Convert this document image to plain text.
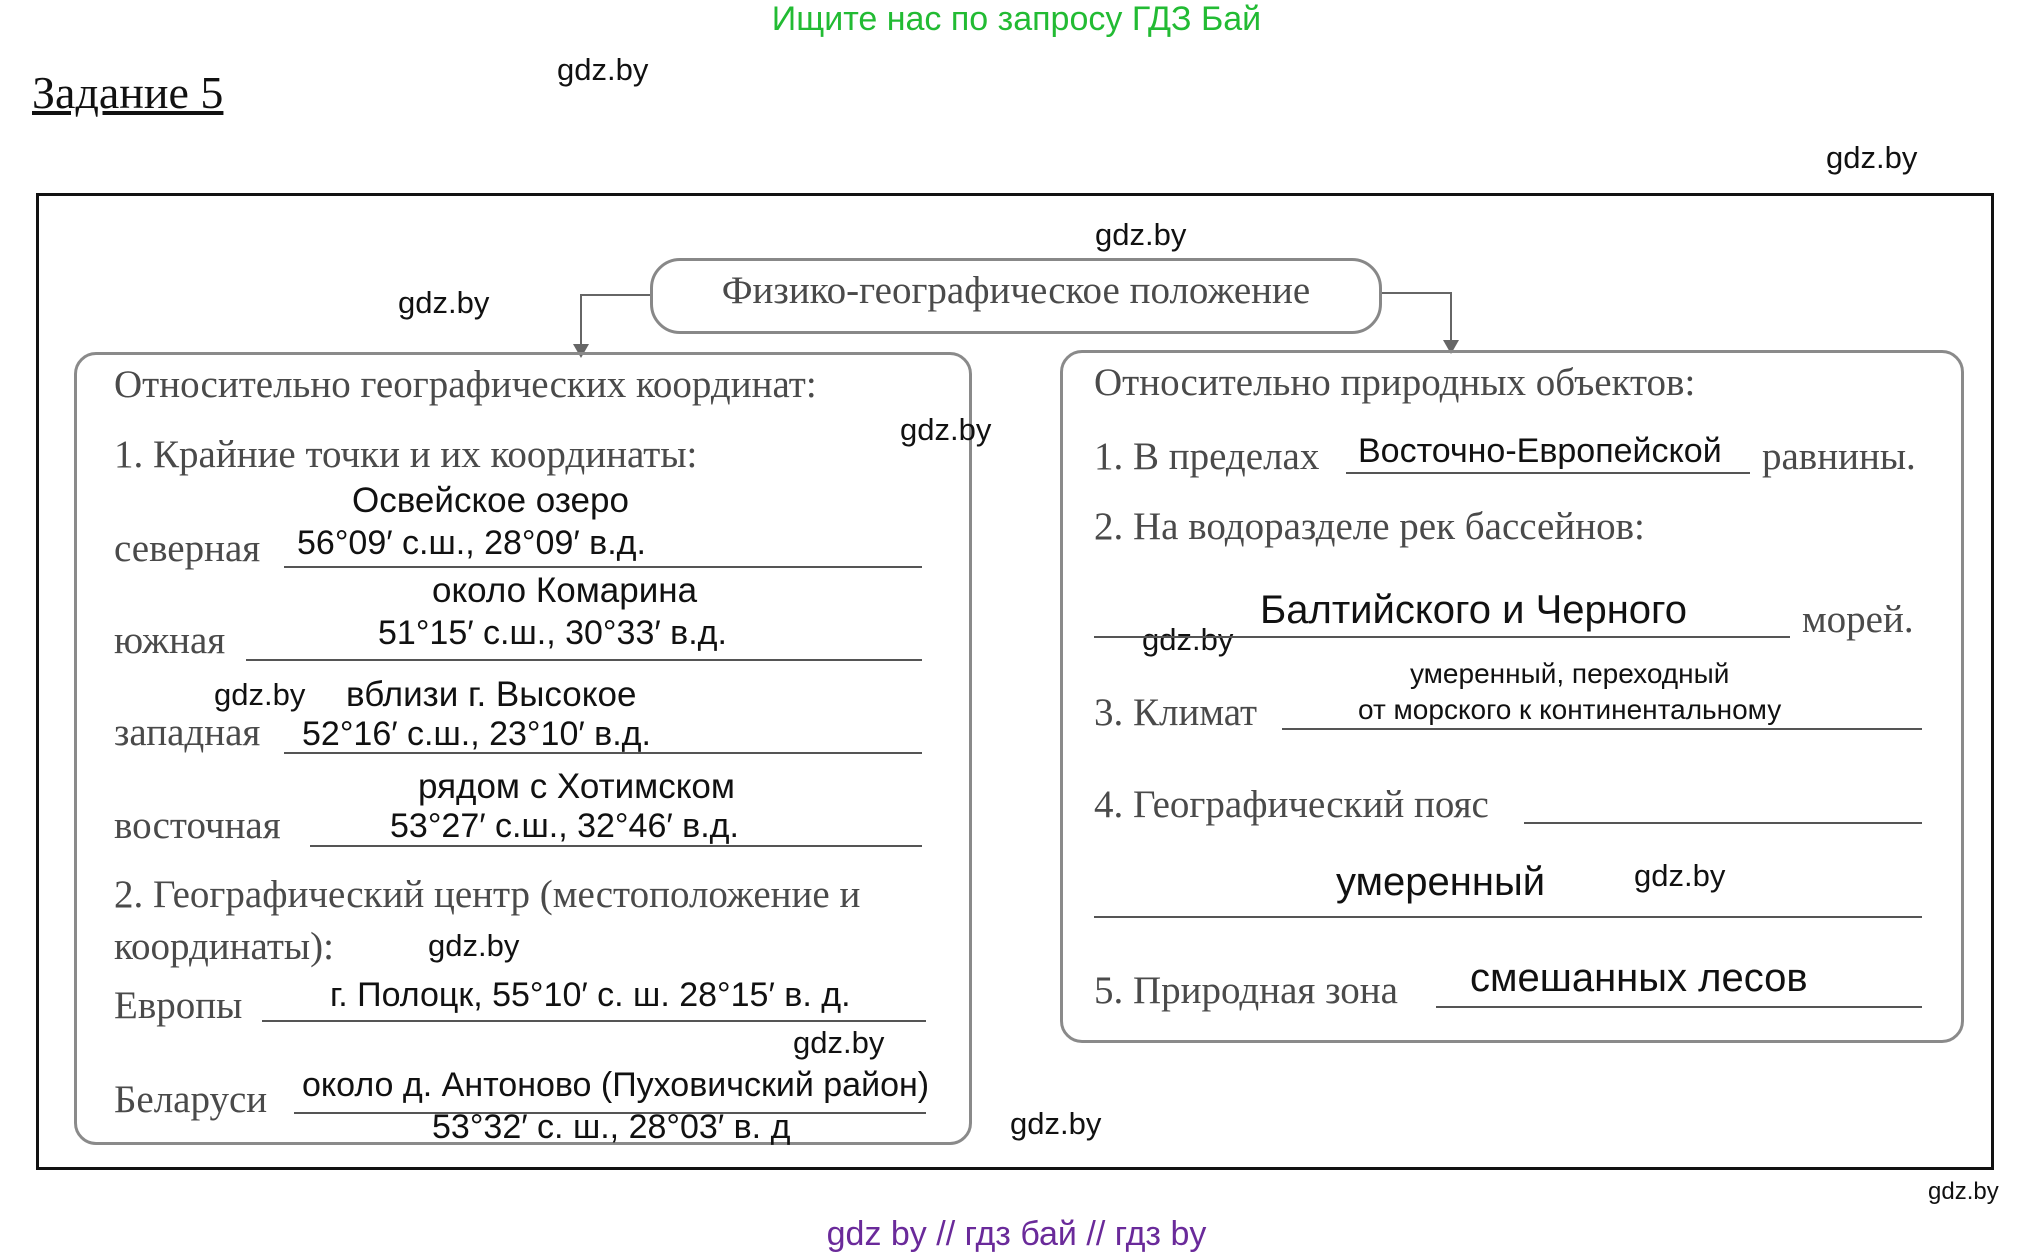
Ищите нас по запросу ГДЗ Бай
Задание 5	gdz.by
gdz.by
gdz.by
gdz.by	Физико-географическое положение
Относительно географических координат:
gdz.by
1. Крайние точки и их координаты:
Освейское озеро
северная 56°09′ с.ш., 28°09′ в.д.
около Комарина
южная	51°15′ с.ш., 30°33′ в.д.
gdz.by вблизи г. Высокое
западная 52°16′ с.ш., 23°10′ в.д.
рядом с Хотимском
восточная	53°27′ с.ш., 32°46′ в.д.
2. Географический центр (местоположение и
координаты):	gdz.by
Европы	г. Полоцк, 55°10′ с. ш. 28°15′ в. д.
gdz.by
Беларуси около д. Антоново (Пуховичский район)
53°32′ с. ш., 28°03′ в. д	gdz.by
Относительно природных объектов:
1. В пределах Восточно-Европейской равнины.
2. На водоразделе рек бассейнов:
Балтийского и Черного
gdz.by	морей.
умеренный, переходный
3. Климат	от морского к континентальному
4. Географический пояс
умеренный	gdz.by
5. Природная зона смешанных лесов
gdz.by
gdz by // гдз бай // гдз by
